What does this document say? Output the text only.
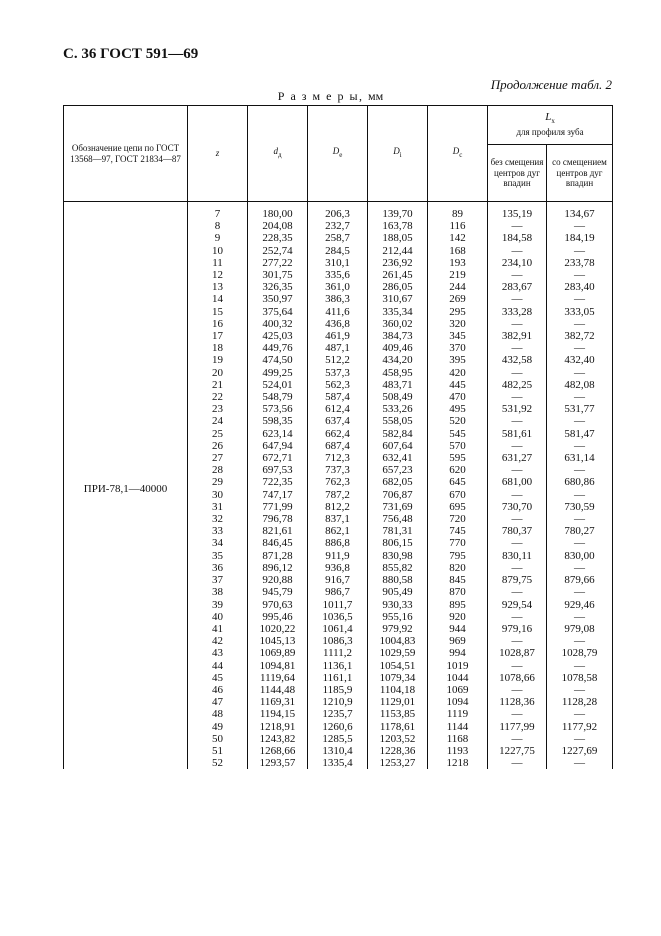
С. 36 ГОСТ 591—69
Продолжение табл. 2
Р а з м е р ы, мм
Обозначение цепи по ГОСТ 13568—97, ГОСТ 21834—87	z	$d_д$	$D_e$	$D_i$	$D_c$	$L_x$
для профиля зуба	
						без смещения центров дуг впадин	со смещением центров дуг впадин
ПРИ-78,1—40000	7	180,00	206,3	139,70	89	135,19	134,67
	8	204,08	232,7	163,78	116	—	—
	9	228,35	258,7	188,05	142	184,58	184,19
	10	252,74	284,5	212,44	168	—	—
	11	277,22	310,1	236,92	193	234,10	233,78
	12	301,75	335,6	261,45	219	—	—
	13	326,35	361,0	286,05	244	283,67	283,40
	14	350,97	386,3	310,67	269	—	—
	15	375,64	411,6	335,34	295	333,28	333,05
	16	400,32	436,8	360,02	320	—	—
	17	425,03	461,9	384,73	345	382,91	382,72
	18	449,76	487,1	409,46	370	—	—
	19	474,50	512,2	434,20	395	432,58	432,40
	20	499,25	537,3	458,95	420	—	—
	21	524,01	562,3	483,71	445	482,25	482,08
	22	548,79	587,4	508,49	470	—	—
	23	573,56	612,4	533,26	495	531,92	531,77
	24	598,35	637,4	558,05	520	—	—
	25	623,14	662,4	582,84	545	581,61	581,47
	26	647,94	687,4	607,64	570	—	—
	27	672,71	712,3	632,41	595	631,27	631,14
	28	697,53	737,3	657,23	620	—	—
	29	722,35	762,3	682,05	645	681,00	680,86
	30	747,17	787,2	706,87	670	—	—
	31	771,99	812,2	731,69	695	730,70	730,59
	32	796,78	837,1	756,48	720	—	—
	33	821,61	862,1	781,31	745	780,37	780,27
	34	846,45	886,8	806,15	770	—	—
	35	871,28	911,9	830,98	795	830,11	830,00
	36	896,12	936,8	855,82	820	—	—
	37	920,88	916,7	880,58	845	879,75	879,66
	38	945,79	986,7	905,49	870	—	—
	39	970,63	1011,7	930,33	895	929,54	929,46
	40	995,46	1036,5	955,16	920	—	—
	41	1020,22	1061,4	979,92	944	979,16	979,08
	42	1045,13	1086,3	1004,83	969	—	—
	43	1069,89	1111,2	1029,59	994	1028,87	1028,79
	44	1094,81	1136,1	1054,51	1019	—	—
	45	1119,64	1161,1	1079,34	1044	1078,66	1078,58
	46	1144,48	1185,9	1104,18	1069	—	—
	47	1169,31	1210,9	1129,01	1094	1128,36	1128,28
	48	1194,15	1235,7	1153,85	1119	—	—
	49	1218,91	1260,6	1178,61	1144	1177,99	1177,92
	50	1243,82	1285,5	1203,52	1168	—	—
	51	1268,66	1310,4	1228,36	1193	1227,75	1227,69
	52	1293,57	1335,4	1253,27	1218	—	—
